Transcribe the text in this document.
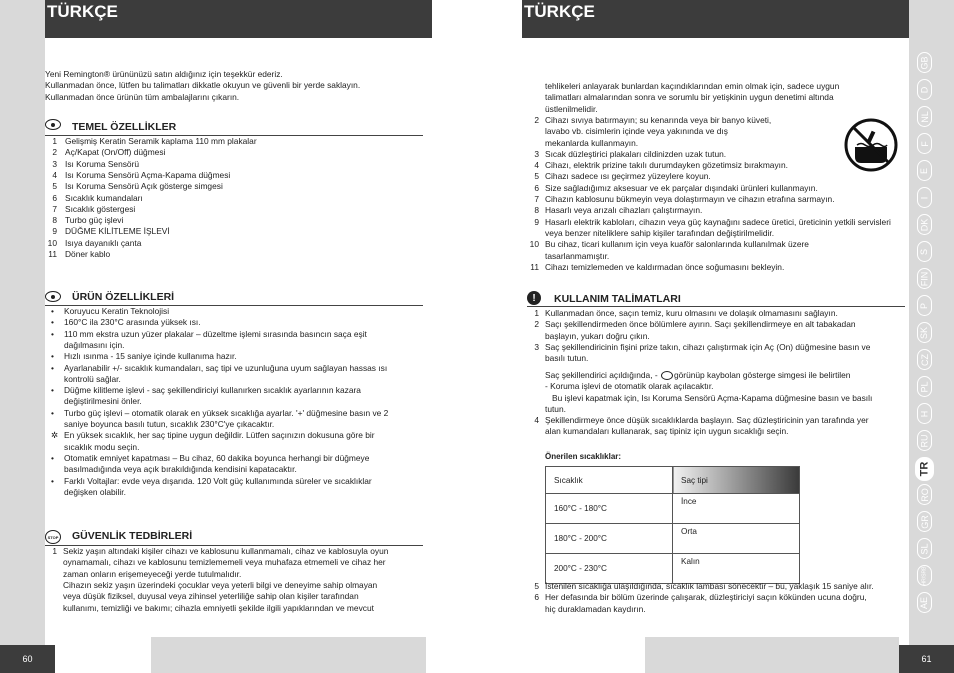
TÜRKÇE
60
Yeni Remington® ürününüzü satın aldığınız için teşekkür ederiz.
Kullanmadan önce, lütfen bu talimatları dikkatle okuyun ve güvenli bir yerde saklayın.
Kullanmadan önce ürünün tüm ambalajlarını çıkarın.
TEMEL ÖZELLİKLER
1 Gelişmiş Keratin Seramik kaplama 110 mm plakalar
2 Aç/Kapat (On/Off) düğmesi
3 Isı Koruma Sensörü
4 Isı Koruma Sensörü Açma-Kapama düğmesi
5 Isı Koruma Sensörü Açık gösterge simgesi
6 Sıcaklık kumandaları
7 Sıcaklık göstergesi
8 Turbo güç işlevi
9 DÜĞME KİLİTLEME İŞLEVİ
10 Isıya dayanıklı çanta
11 Döner kablo
ÜRÜN ÖZELLİKLERİ
• Koruyucu Keratin Teknolojisi
• 160°C ila 230°C arasında yüksek ısı.
• 110 mm ekstra uzun yüzer plakalar – düzeltme işlemi sırasında basıncın saça eşit
dağılmasını için.
• Hızlı ısınma - 15 saniye içinde kullanıma hazır.
• Ayarlanabilir +/- sıcaklık kumandaları, saç tipi ve uzunluğuna uyum sağlayan hassas ısı
kontrolü sağlar.
• Düğme kilitleme işlevi - saç şekillendiriciyi kullanırken sıcaklık ayarlarının kazara
değiştirilmesini önler.
• Turbo güç işlevi – otomatik olarak en yüksek sıcaklığa ayarlar. '+' düğmesine basın ve 2
saniye boyunca basılı tutun, sıcaklık 230°C'ye çıkacaktır.
✲ En yüksek sıcaklık, her saç tipine uygun değildir. Lütfen saçınızın dokusuna göre bir
sıcaklık modu seçin.
• Otomatik emniyet kapatması – Bu cihaz, 60 dakika boyunca herhangi bir düğmeye
basılmadığında veya açık bırakıldığında kendisini kapatacaktır.
• Farklı Voltajlar: evde veya dışarıda. 120 Volt güç kullanımında süreler ve sıcaklıklar
değişken olabilir.
STOP GÜVENLİK TEDBİRLERİ
1 Sekiz yaşın altındaki kişiler cihazı ve kablosunu kullanmamalı, cihaz ve kablosuyla oyun
oynamamalı, cihazı ve kablosunu temizlememeli veya muhafaza etmemeli ve cihaz her
zaman onların erişemeyeceği yerde tutulmalıdır.
Cihazın sekiz yaşın üzerindeki çocuklar veya yeterli bilgi ve deneyime sahip olmayan
veya düşük fiziksel, duyusal veya zihinsel yeterliliğe sahip olan kişiler tarafından
kullanımı, temizliği ve bakımı; cihazla emniyetli şekilde ilgili yapıklarından ve mevcut
TÜRKÇE
61
tehlikeleri anlayarak bunlardan kaçındıklarından emin olmak için, sadece uygun
talimatları almalarından sonra ve sorumlu bir yetişkinin uygun denetimi altında
üstlenilmelidir.
2 Cihazı sıvıya batırmayın; su kenarında veya bir banyo küveti,
lavabo vb. cisimlerin içinde veya yakınında ve dış
mekanlarda kullanmayın.
3 Sıcak düzleştirici plakaları cildinizden uzak tutun.
4 Cihazı, elektrik prizine takılı durumdayken gözetimsiz bırakmayın.
5 Cihazı sadece ısı geçirmez yüzeylere koyun.
6 Size sağladığımız aksesuar ve ek parçalar dışındaki ürünleri kullanmayın.
7 Cihazın kablosunu bükmeyin veya dolaştırmayın ve cihazın etrafına sarmayın.
8 Hasarlı veya arızalı cihazları çalıştırmayın.
9 Hasarlı elektrik kabloları, cihazın veya güç kaynağını sadece üretici, üreticinin yetkili servisleri
veya benzer niteliklere sahip kişiler tarafından değiştirilmelidir.
10 Bu cihaz, ticari kullanım için veya kuaför salonlarında kullanılmak üzere
tasarlanmamıştır.
11 Cihazı temizlemeden ve kaldırmadan önce soğumasını bekleyin.
!	KULLANIM TALİMATLARI
1 Kullanmadan önce, saçın temiz, kuru olmasını ve dolaşık olmamasını sağlayın.
2 Saçı şekillendirmeden önce bölümlere ayırın. Saçı şekillendirmeye en alt tabakadan
başlayın, yukarı doğru çıkın.
3 Saç şekillendiricinin fişini prize takın, cihazı çalıştırmak için Aç (On) düğmesine basın ve
basılı tutun.
Saç şekillendirici açıldığında, - görünüp kaybolan gösterge simgesi ile belirtilen
- Koruma işlevi de otomatik olarak açılacaktır.
Bu işlevi kapatmak için, Isı Koruma Sensörü Açma-Kapama düğmesine basın ve basılı
tutun.
4 Şekillendirmeye önce düşük sıcaklıklarda başlayın. Saç düzleştiricinin yan tarafında yer
alan kumandaları kullanarak, saç tipiniz için uygun sıcaklığı seçin.
Önerilen sıcaklıklar:
Sıcaklık	Saç tipi
160°C - 180°C	İnce
180°C - 200°C	Orta
200°C - 230°C	Kalın
5 İstenilen sıcaklığa ulaşıldığında, sıcaklık lambası sönecektir – bu, yaklaşık 15 saniye alır.
6 Her defasında bir bölüm üzerinde çalışarak, düzleştiriciyi saçın kökünden ucuna doğru,
hiç duraklamadan kaydırın.
GB
D
NL
F
E
I
DK
S
FIN
P
SK
CZ
PL
H
RU
TR
RO
GR
SL
HR/SRB
AE
